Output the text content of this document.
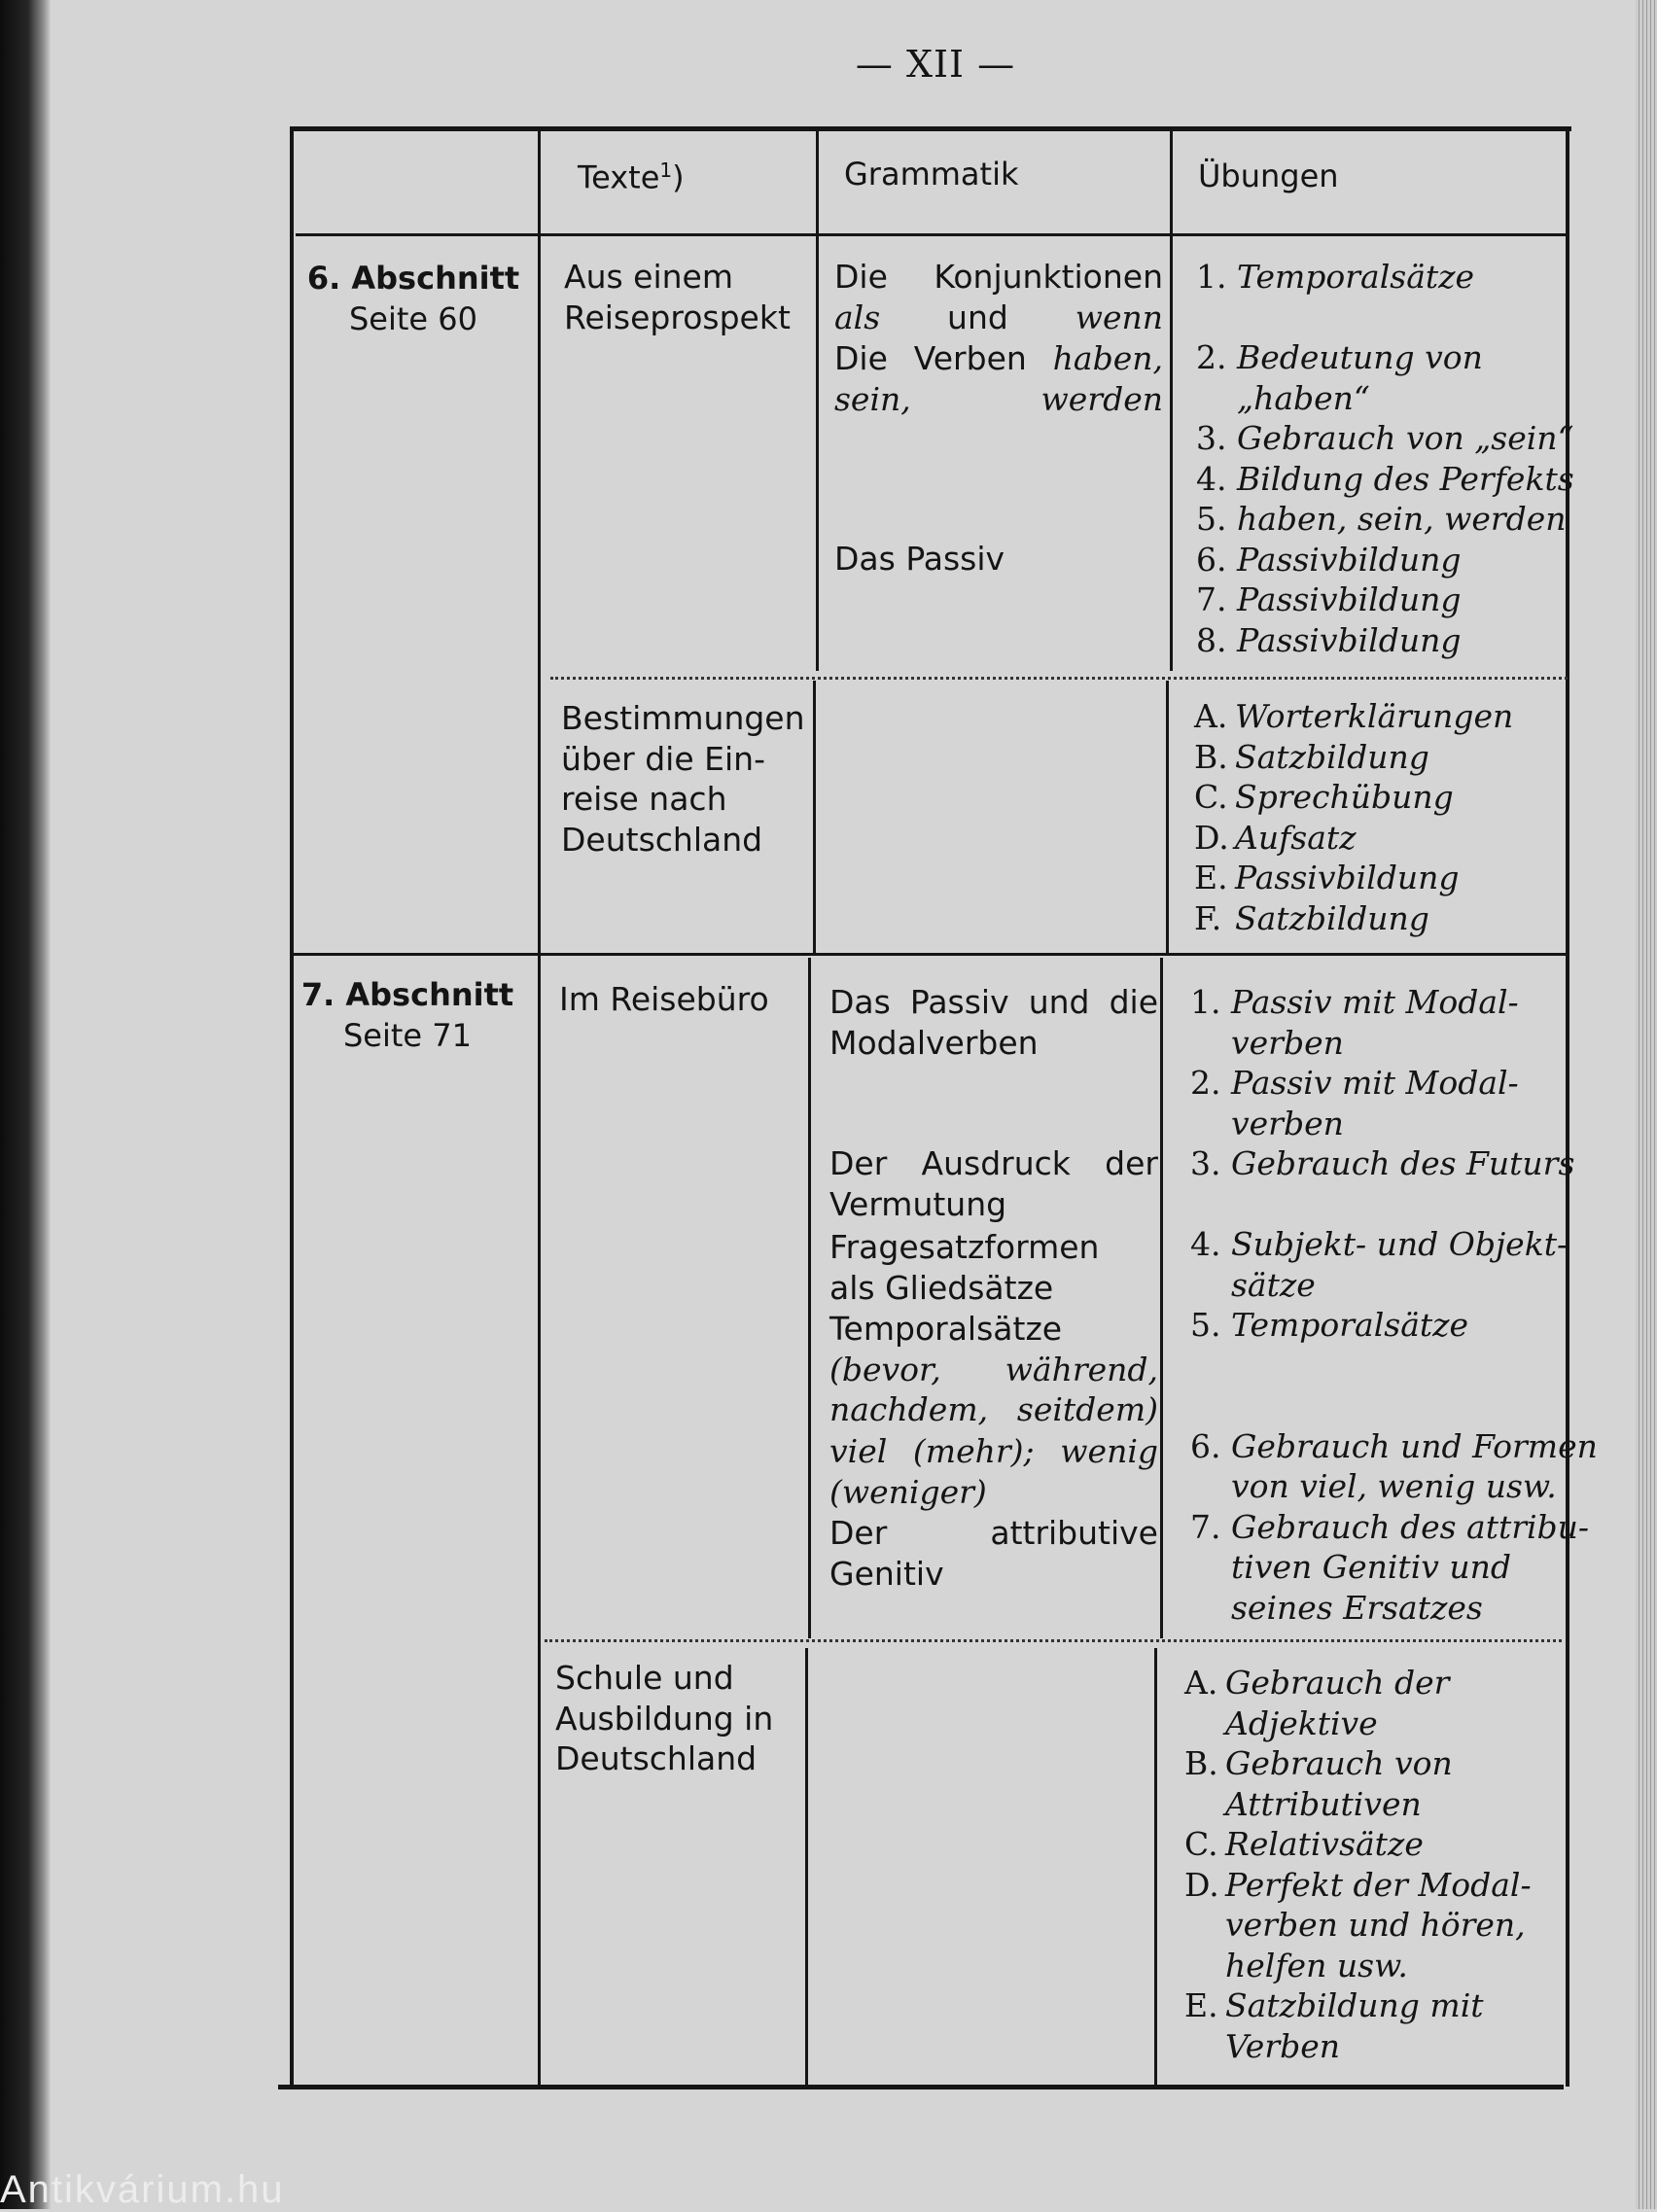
— XII —
Texte$^1$)	Grammatik	Übungen
6. Abschnitt
Seite 60
7. Abschnitt
Seite 71

Aus einem

Reiseprospekt

Bestimmungen

über die Ein-

reise nach

Deutschland

Im Reisebüro

Schule und

Ausbildung in

Deutschland

Die Konjunktionen

als und wenn

Die Verben haben,

sein, werden

Das Passiv

Das Passiv und die

Modalverben

Der Ausdruck der

Vermutung

Fragesatzformen

als Gliedsätze

Temporalsätze

(bevor, während,

nachdem, seitdem)

viel (mehr); wenig

(weniger)

Der attributive

Genitiv

1. Temporalsätze
2. Bedeutung von
„haben“
3. Gebrauch von „sein“
4. Bildung des Perfekts
5. haben, sein, werden
6. Passivbildung
7. Passivbildung
8. Passivbildung
A. Worterklärungen
B. Satzbildung
C. Sprechübung
D. Aufsatz
E. Passivbildung
F. Satzbildung
1. Passiv mit Modal-
verben
2. Passiv mit Modal-
verben
3. Gebrauch des Futurs
4. Subjekt- und Objekt-
sätze
5. Temporalsätze
6. Gebrauch und Formen
von viel, wenig usw.
7. Gebrauch des attribu-
tiven Genitiv und
seines Ersatzes
A. Gebrauch der
Adjektive
B. Gebrauch von
Attributiven
C. Relativsätze
D. Perfekt der Modal-
verben und hören,
helfen usw.
E. Satzbildung mit
Verben
Antikvárium.hu
